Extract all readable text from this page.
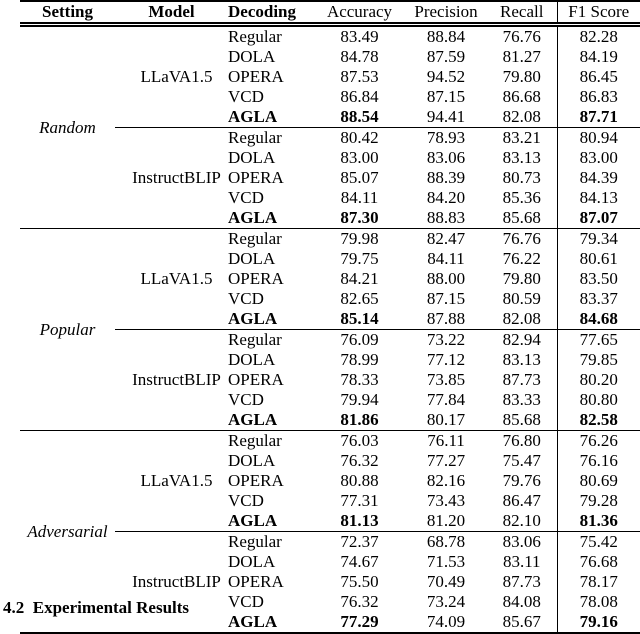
Setting	Model	Decoding	Accuracy	Precision	Recall	F1 Score
Random	LLaVA1.5	Regular	83.49	88.84	76.76	82.28
		DOLA	84.78	87.59	81.27	84.19
		OPERA	87.53	94.52	79.80	86.45
		VCD	86.84	87.15	86.68	86.83
		AGLA	88.54	94.41	82.08	87.71
	InstructBLIP	Regular	80.42	78.93	83.21	80.94
		DOLA	83.00	83.06	83.13	83.00
		OPERA	85.07	88.39	80.73	84.39
		VCD	84.11	84.20	85.36	84.13
		AGLA	87.30	88.83	85.68	87.07
Popular	LLaVA1.5	Regular	79.98	82.47	76.76	79.34
		DOLA	79.75	84.11	76.22	80.61
		OPERA	84.21	88.00	79.80	83.50
		VCD	82.65	87.15	80.59	83.37
		AGLA	85.14	87.88	82.08	84.68
	InstructBLIP	Regular	76.09	73.22	82.94	77.65
		DOLA	78.99	77.12	83.13	79.85
		OPERA	78.33	73.85	87.73	80.20
		VCD	79.94	77.84	83.33	80.80
		AGLA	81.86	80.17	85.68	82.58
Adversarial	LLaVA1.5	Regular	76.03	76.11	76.80	76.26
		DOLA	76.32	77.27	75.47	76.16
		OPERA	80.88	82.16	79.76	80.69
		VCD	77.31	73.43	86.47	79.28
		AGLA	81.13	81.20	82.10	81.36
	InstructBLIP	Regular	72.37	68.78	83.06	75.42
		DOLA	74.67	71.53	83.11	76.68
		OPERA	75.50	70.49	87.73	78.17
		VCD	76.32	73.24	84.08	78.08
		AGLA	77.29	74.09	85.67	79.16
4.2  Experimental Results
